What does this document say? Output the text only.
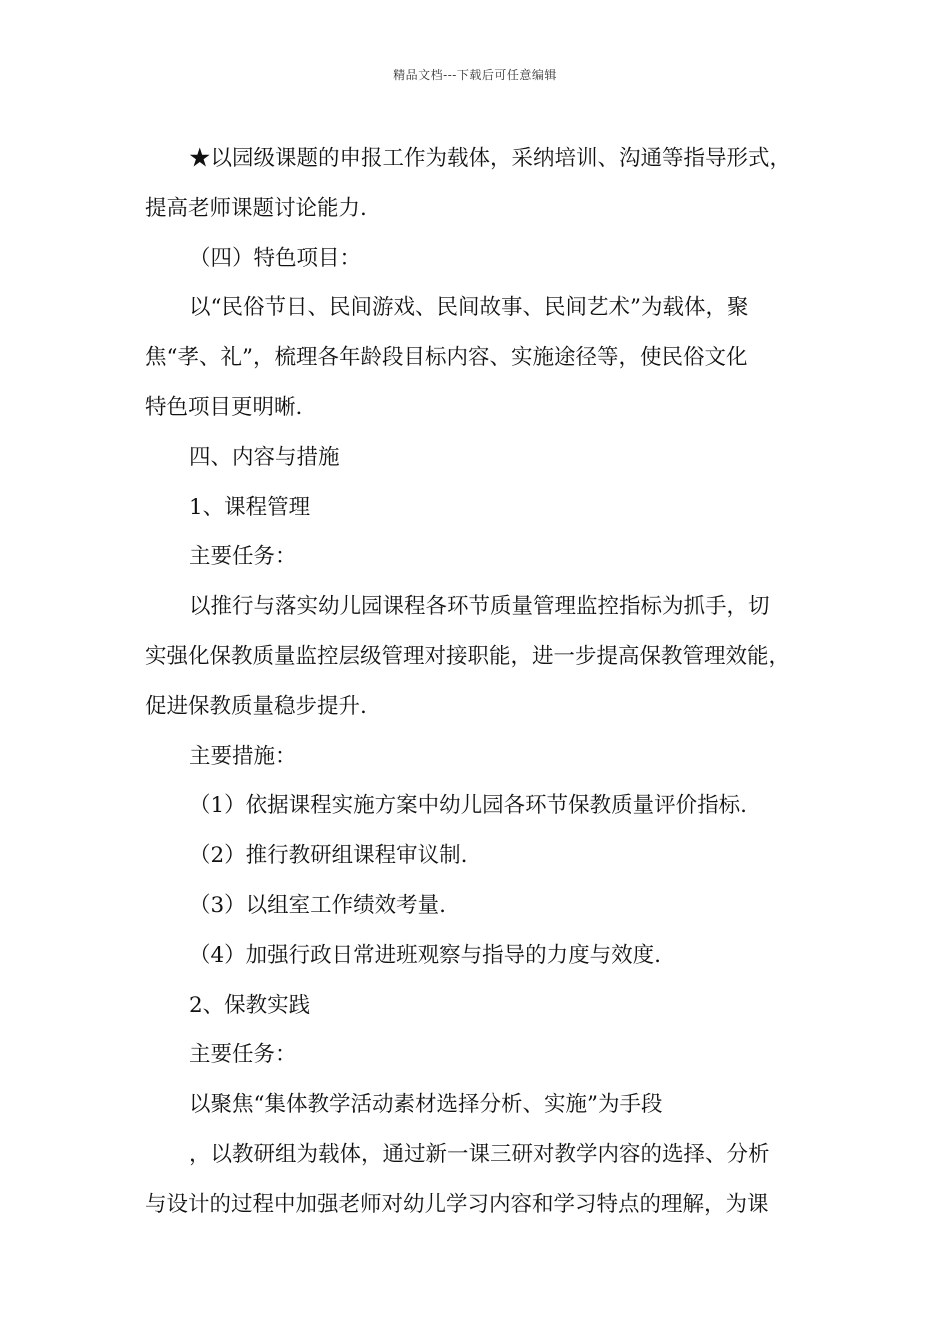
精品文档---下载后可任意编辑
★以园级课题的申报工作为载体，采纳培训、沟通等指导形式，
提高老师课题讨论能力.
（四）特色项目：
以“民俗节日、民间游戏、民间故事、民间艺术”为载体，聚
焦“孝、礼”，梳理各年龄段目标内容、实施途径等，使民俗文化
特色项目更明晰.
四、内容与措施
1、课程管理
主要任务：
以推行与落实幼儿园课程各环节质量管理监控指标为抓手，切
实强化保教质量监控层级管理对接职能，进一步提高保教管理效能，
促进保教质量稳步提升.
主要措施：
（1）依据课程实施方案中幼儿园各环节保教质量评价指标.
（2）推行教研组课程审议制.
（3）以组室工作绩效考量.
（4）加强行政日常进班观察与指导的力度与效度.
2、保教实践
主要任务：
以聚焦“集体教学活动素材选择分析、实施”为手段
，以教研组为载体，通过新一课三研对教学内容的选择、分析
与设计的过程中加强老师对幼儿学习内容和学习特点的理解，为课
